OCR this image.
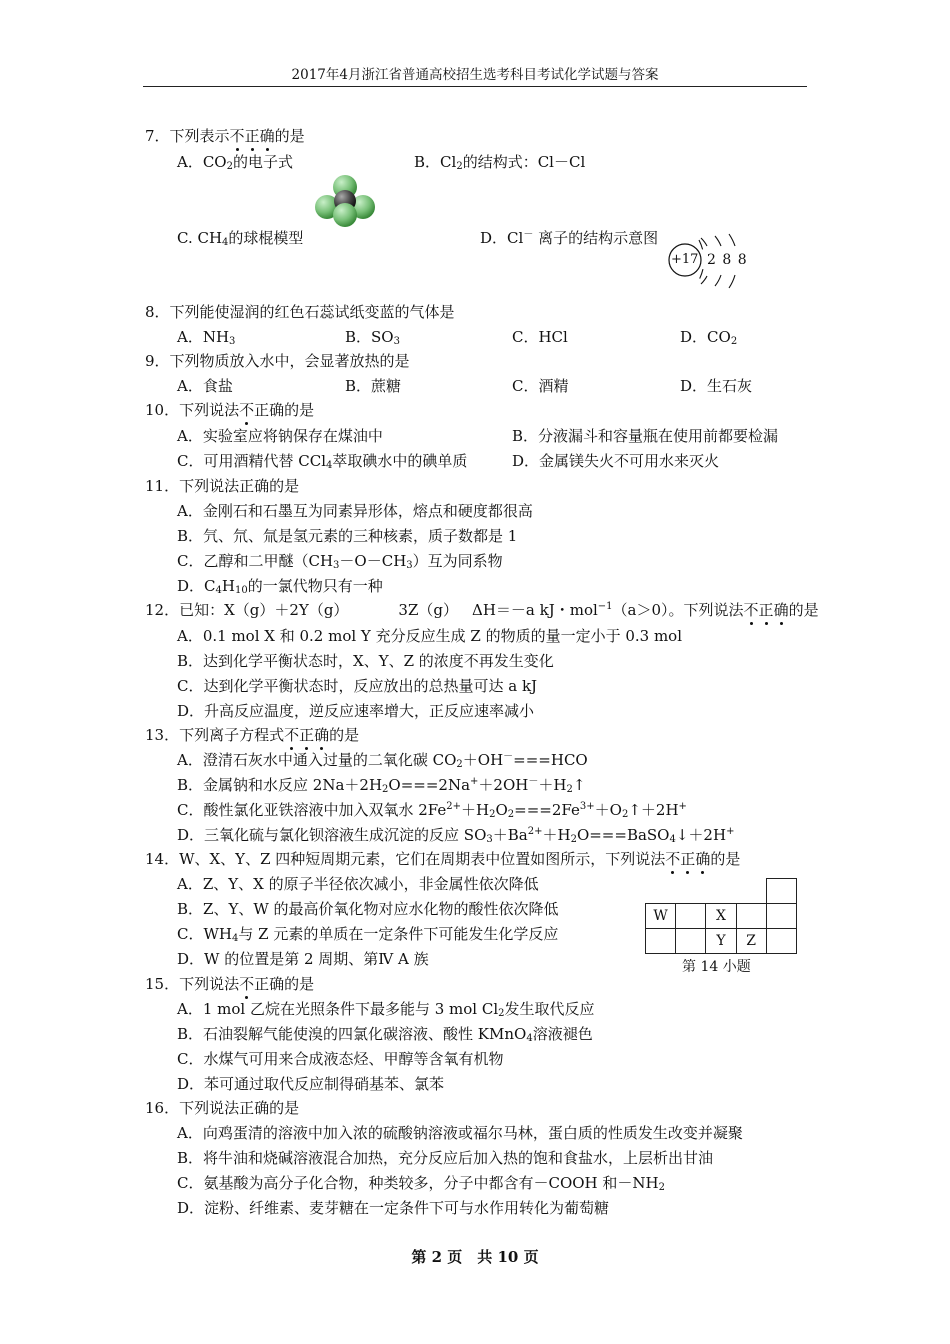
2017年4月浙江省普通高校招生选考科目考试化学试题与答案
7．下列表示不正确的是
A．$CO_2$的电子式	B．$Cl_2$的结构式：Cl－Cl
C. $CH_4$的球棍模型	D．Cl－ 离子的结构示意图
+17 2 8 8
8．下列能使湿润的红色石蕊试纸变蓝的气体是
A．$NH_3$	B．$SO_3$	C．HCl	D．$CO_2$
9．下列物质放入水中，会显著放热的是
A．食盐	B．蔗糖	C．酒精	D．生石灰
10．下列说法不正确的是
A．实验室应将钠保存在煤油中	B．分液漏斗和容量瓶在使用前都要检漏
C．可用酒精代替 CCl$_4$萃取碘水中的碘单质	D．金属镁失火不可用水来灭火
11．下列说法正确的是
A．金刚石和石墨互为同素异形体，熔点和硬度都很高
B．氕、氘、氚是氢元素的三种核素，质子数都是 1
C．乙醇和二甲醚$(CH_3-O-CH_3)$互为同系物
D．$C_4H_{10}$的一氯代物只有一种
12．已知：X（g）＋2Y（g）	3Z（g） ΔH＝－a kJ・mol$^{-1}$（a＞0）。下列说法不正确的是
A．0.1 mol X 和 0.2 mol Y 充分反应生成 Z 的物质的量一定小于 0.3 mol
B．达到化学平衡状态时，X、Y、Z 的浓度不再发生变化
C．达到化学平衡状态时，反应放出的总热量可达 a kJ
D．升高反应温度，逆反应速率增大，正反应速率减小
13．下列离子方程式不正确的是
A．澄清石灰水中通入过量的二氧化碳 $CO_2+OH^-===HCO$
B．金属钠和水反应 $2Na+2H_2O===2Na^++2OH^-+H_2↑$
C．酸性氯化亚铁溶液中加入双氧水 $2Fe^{2+}+H_2O_2===2Fe^{3+}+O_2↑+2H^+$
D．三氧化硫与氯化钡溶液生成沉淀的反应 $SO_3+Ba^{2+}+H_2O===BaSO_4↓+2H^+$
14．W、X、Y、Z 四种短周期元素，它们在周期表中位置如图所示，下列说法不正确的是
A．Z、Y、X 的原子半径依次减小，非金属性依次降低
B．Z、Y、W 的最高价氧化物对应水化物的酸性依次降低
C．$WH_4$与 Z 元素的单质在一定条件下可能发生化学反应
D．W 的位置是第 2 周期、第Ⅳ A 族

W		X		
		Y	Z	
第 14 小题
15．下列说法不正确的是
A．1 mol 乙烷在光照条件下最多能与 3 mol $Cl_2$发生取代反应
B．石油裂解气能使溴的四氯化碳溶液、酸性 KMnO$_4$溶液褪色
C．水煤气可用来合成液态烃、甲醇等含氧有机物
D．苯可通过取代反应制得硝基苯、氯苯
16．下列说法正确的是
A．向鸡蛋清的溶液中加入浓的硫酸钠溶液或福尔马林，蛋白质的性质发生改变并凝聚
B．将牛油和烧碱溶液混合加热，充分反应后加入热的饱和食盐水，上层析出甘油
C．氨基酸为高分子化合物，种类较多，分子中都含有－COOH 和$-NH_2$
D．淀粉、纤维素、麦芽糖在一定条件下可与水作用转化为葡萄糖
第 2 页　共 10 页
